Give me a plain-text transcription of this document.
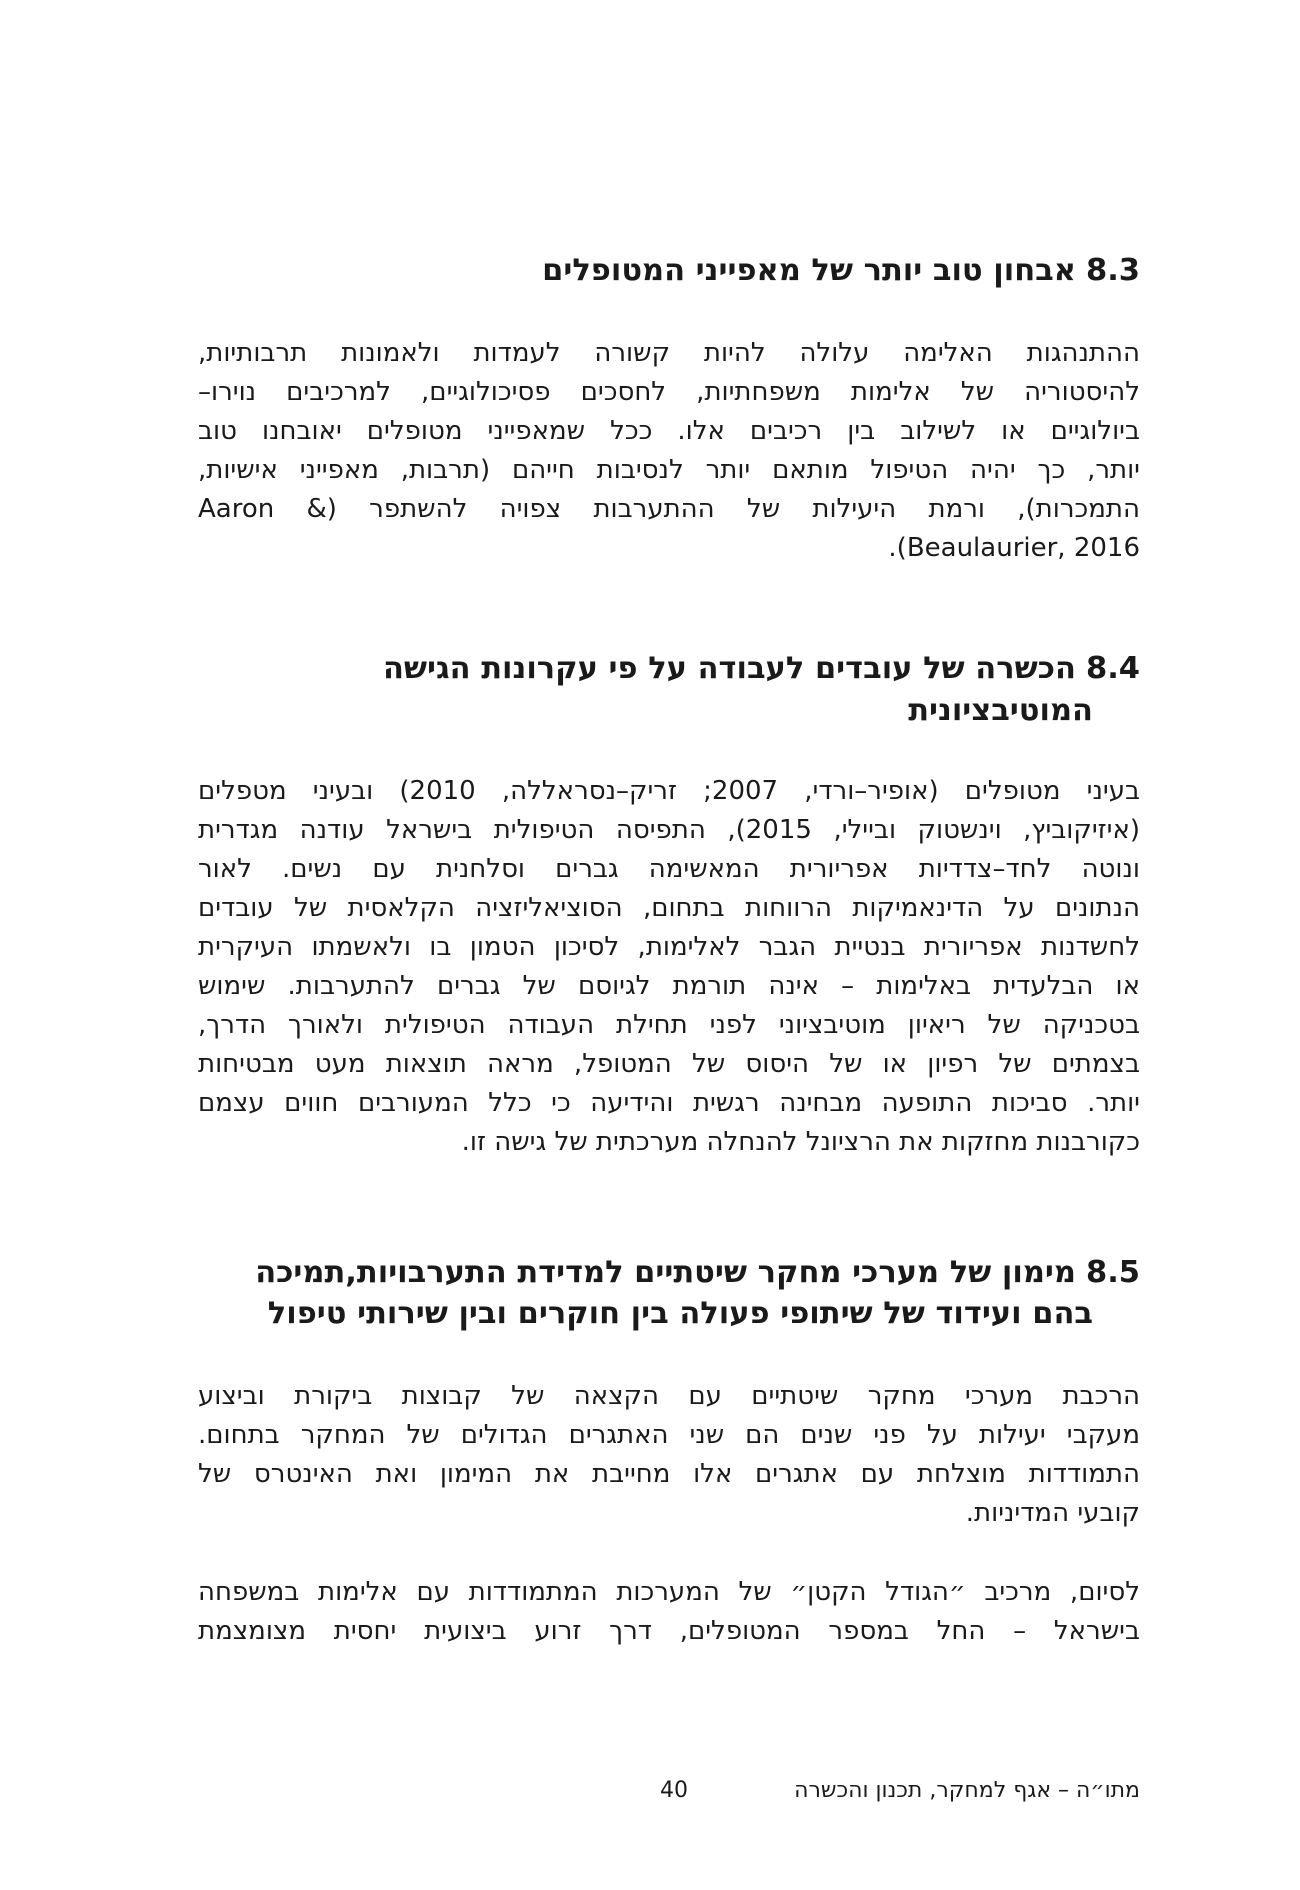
8.3אבחון טוב יותר של מאפייני המטופלים
ההתנהגות האלימה עלולה להיות קשורה לעמדות ולאמונות תרבותיות,
להיסטוריה של אלימות משפחתיות, לחסכים פסיכולוגיים, למרכיבים נוירו–
ביולוגיים או לשילוב בין רכיבים אלו. ככל שמאפייני מטופלים יאובחנו טוב
יותר, כך יהיה הטיפול מותאם יותר לנסיבות חייהם (תרבות, מאפייני אישיות,
התמכרות), ורמת היעילות של ההתערבות צפויה להשתפר (& Aaron
Beaulaurier, 2016).
8.4הכשרה של עובדים לעבודה על פי עקרונות הגישה
המוטיבציונית
בעיני מטופלים (אופיר–ורדי, 2007; זריק–נסראללה, 2010) ובעיני מטפלים
(איזיקוביץ, וינשטוק וביילי, 2015), התפיסה הטיפולית בישראל עודנה מגדרית
ונוטה לחד–צדדיות אפריורית המאשימה גברים וסלחנית עם נשים. לאור
הנתונים על הדינאמיקות הרווחות בתחום, הסוציאליזציה הקלאסית של עובדים
לחשדנות אפריורית בנטיית הגבר לאלימות, לסיכון הטמון בו ולאשמתו העיקרית
או הבלעדית באלימות – אינה תורמת לגיוסם של גברים להתערבות. שימוש
בטכניקה של ריאיון מוטיבציוני לפני תחילת העבודה הטיפולית ולאורך הדרך,
בצמתים של רפיון או של היסוס של המטופל, מראה תוצאות מעט מבטיחות
יותר. סביכות התופעה מבחינה רגשית והידיעה כי כלל המעורבים חווים עצמם
כקורבנות מחזקות את הרציונל להנחלה מערכתית של גישה זו.
8.5מימון של מערכי מחקר שיטתיים למדידת התערבויות,תמיכה
בהם ועידוד של שיתופי פעולה בין חוקרים ובין שירותי טיפול
הרכבת מערכי מחקר שיטתיים עם הקצאה של קבוצות ביקורת וביצוע
מעקבי יעילות על פני שנים הם שני האתגרים הגדולים של המחקר בתחום.
התמודדות מוצלחת עם אתגרים אלו מחייבת את המימון ואת האינטרס של
קובעי המדיניות.
לסיום, מרכיב ״הגודל הקטן״ של המערכות המתמודדות עם אלימות במשפחה
בישראל – החל במספר המטופלים, דרך זרוע ביצועית יחסית מצומצמת
מתו״ה – אגף למחקר, תכנון והכשרה
40
